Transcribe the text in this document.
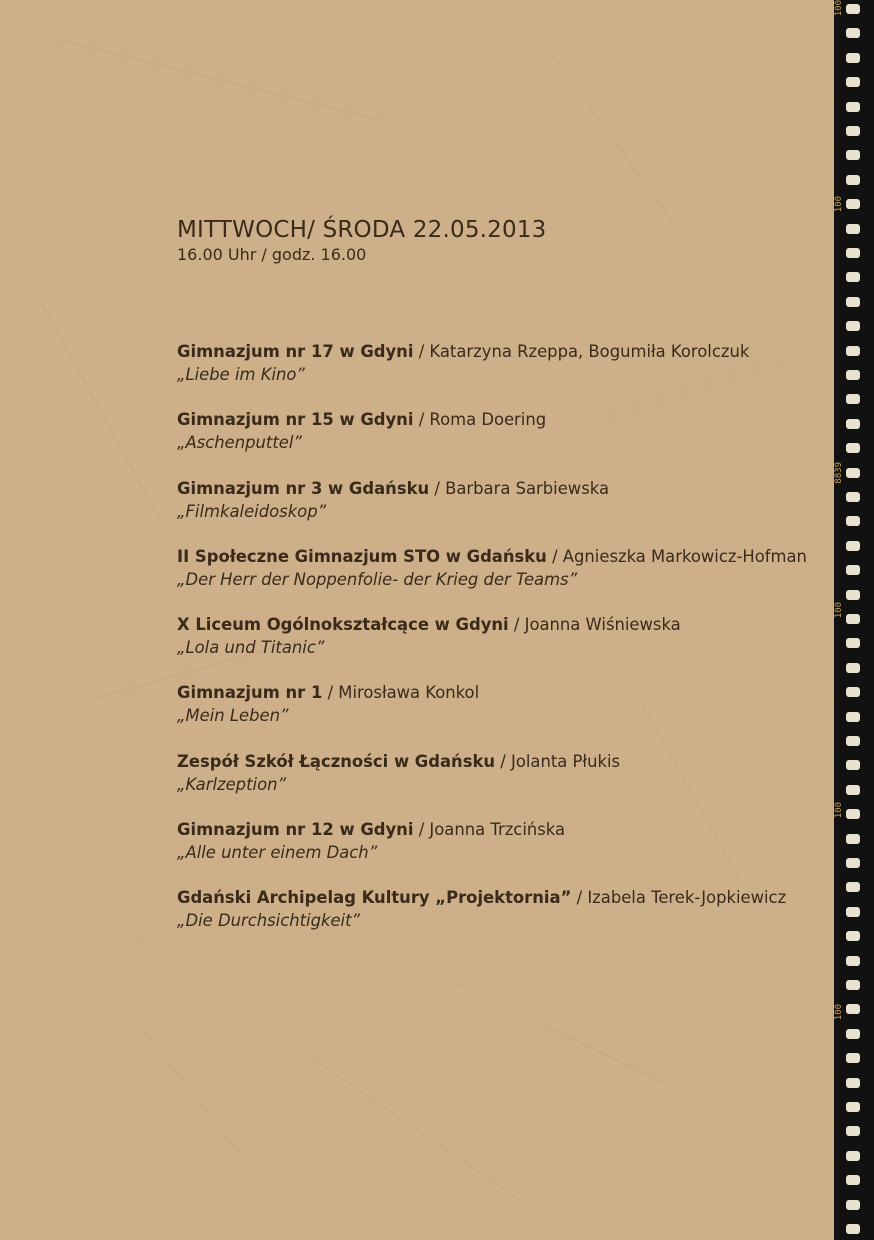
MITTWOCH/ ŚRODA 22.05.2013
16.00 Uhr / godz. 16.00
Gimnazjum nr 17 w Gdyni / Katarzyna Rzeppa, Bogumiła Korolczuk
„Liebe im Kino”
Gimnazjum nr 15 w Gdyni / Roma Doering
„Aschenputtel”
Gimnazjum nr 3 w Gdańsku / Barbara Sarbiewska
„Filmkaleidoskop”
II Społeczne Gimnazjum STO w Gdańsku / Agnieszka Markowicz-Hofman
„Der Herr der Noppenfolie- der Krieg der Teams”
X Liceum Ogólnokształcące w Gdyni / Joanna Wiśniewska
„Lola und Titanic”
Gimnazjum nr 1 / Mirosława Konkol
„Mein Leben”
Zespół Szkół Łączności w Gdańsku / Jolanta Płukis
„Karlzeption”
Gimnazjum nr 12 w Gdyni / Joanna Trzcińska
„Alle unter einem Dach”
Gdański Archipelag Kultury „Projektornia” / Izabela Terek-Jopkiewicz
„Die Durchsichtigkeit”
100
100
8839
100
100
100
